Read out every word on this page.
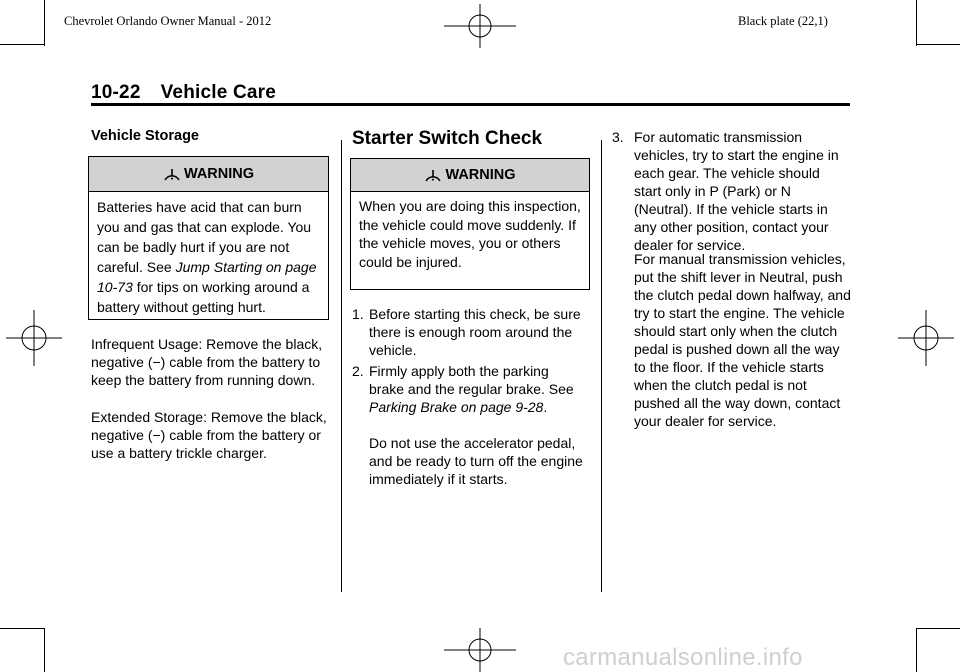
Chevrolet Orlando Owner Manual - 2012	Black plate (22,1)
10-22 Vehicle Care
Vehicle Storage
WARNING
Batteries have acid that can burn you and gas that can explode. You can be badly hurt if you are not careful. See Jump Starting on page 10-73 for tips on working around a battery without getting hurt.
Infrequent Usage: Remove the black, negative (−) cable from the battery to keep the battery from running down.
Extended Storage: Remove the black, negative (−) cable from the battery or use a battery trickle charger.
Starter Switch Check
WARNING
When you are doing this inspection, the vehicle could move suddenly. If the vehicle moves, you or others could be injured.
1. Before starting this check, be sure there is enough room around the vehicle.
2. Firmly apply both the parking brake and the regular brake. See Parking Brake on page 9-28.
Do not use the accelerator pedal, and be ready to turn off the engine immediately if it starts.
3. For automatic transmission vehicles, try to start the engine in each gear. The vehicle should start only in P (Park) or N (Neutral). If the vehicle starts in any other position, contact your dealer for service.
For manual transmission vehicles, put the shift lever in Neutral, push the clutch pedal down halfway, and try to start the engine. The vehicle should start only when the clutch pedal is pushed down all the way to the floor. If the vehicle starts when the clutch pedal is not pushed all the way down, contact your dealer for service.
carmanualsonline.info
